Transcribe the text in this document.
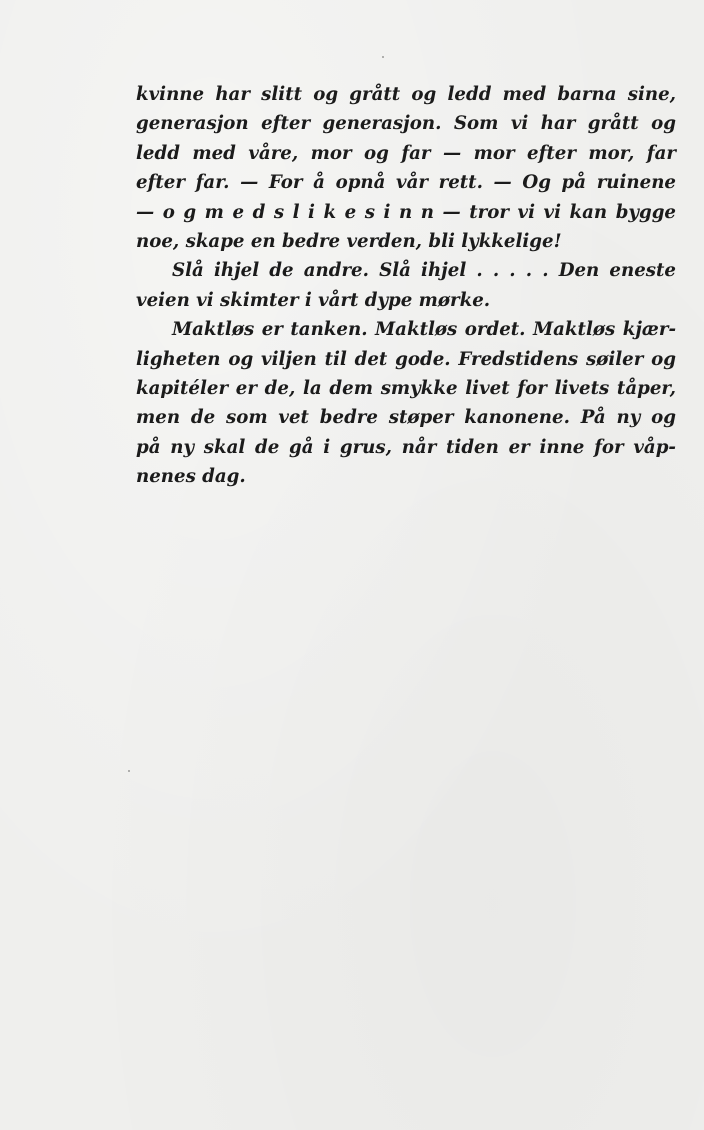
kvinne har slitt og grått og ledd med barna sine,
generasjon efter generasjon. Som vi har grått og
ledd med våre, mor og far — mor efter mor, far
efter far. — For å opnå vår rett. — Og på ruinene
— o g m e d s l i k e s i n n — tror vi vi kan bygge
noe, skape en bedre verden, bli lykkelige!
Slå ihjel de andre. Slå ihjel . . . . . Den eneste
veien vi skimter i vårt dype mørke.
Maktløs er tanken. Maktløs ordet. Maktløs kjær-
ligheten og viljen til det gode. Fredstidens søiler og
kapitéler er de, la dem smykke livet for livets tåper,
men de som vet bedre støper kanonene. På ny og
på ny skal de gå i grus, når tiden er inne for våp-
nenes dag.
